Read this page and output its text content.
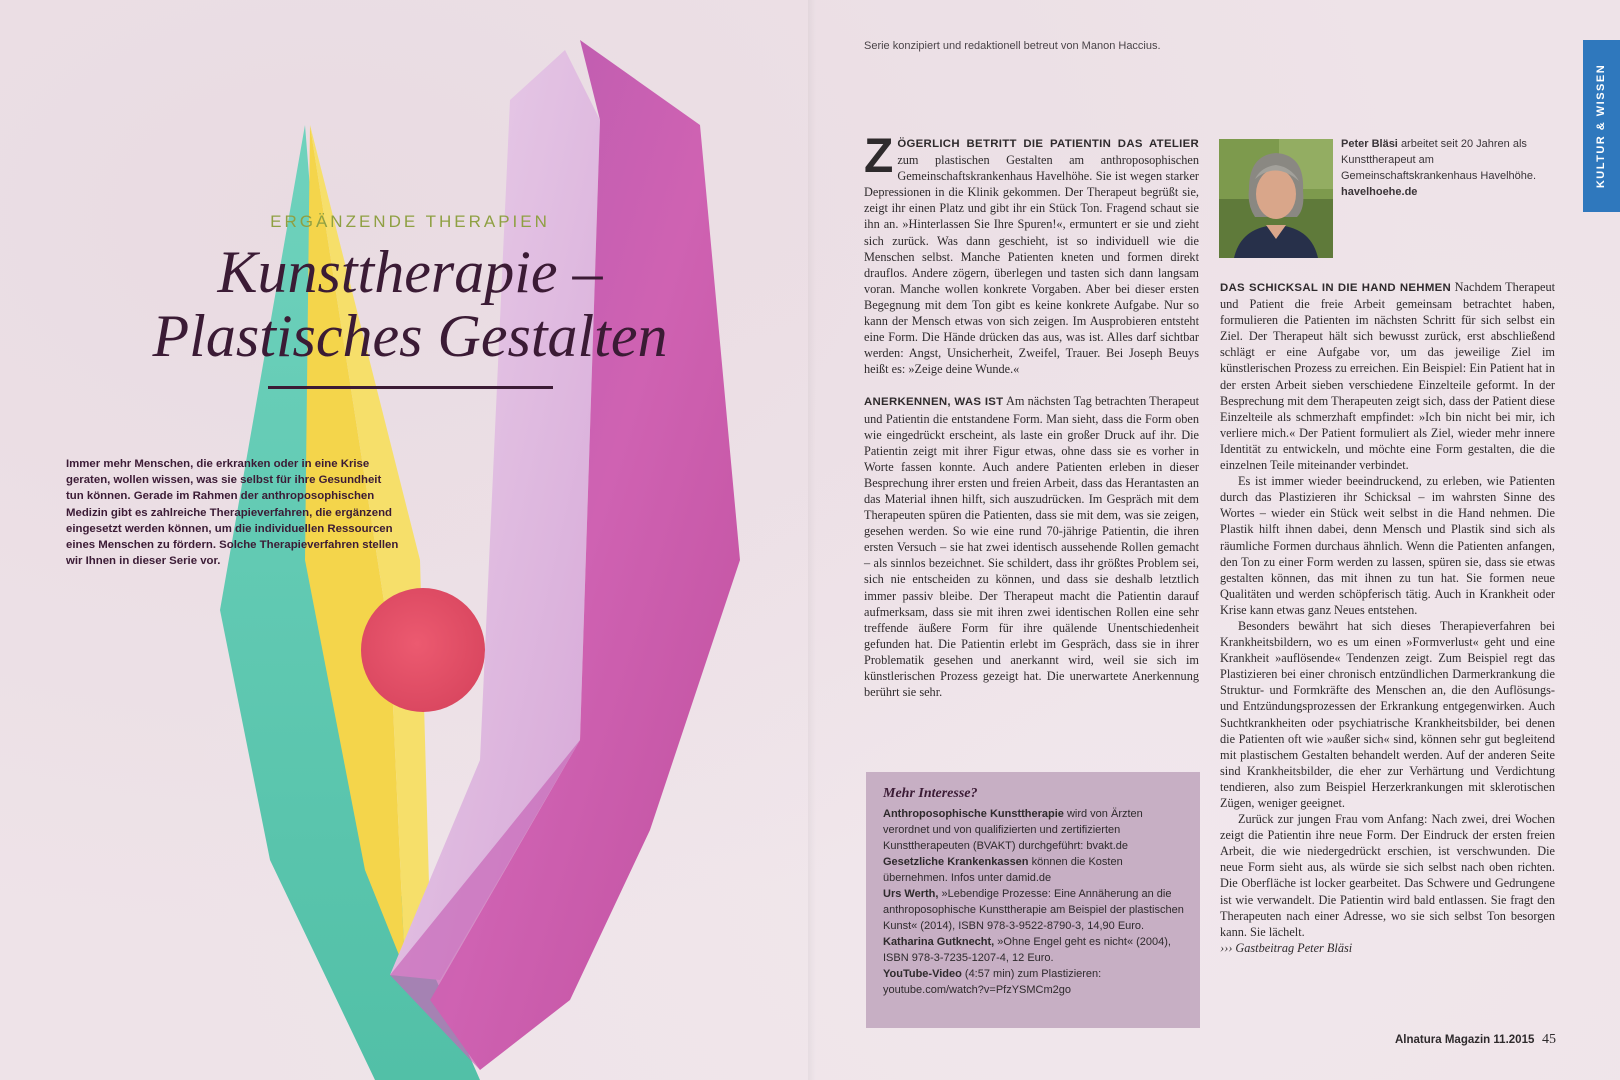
ERGÄNZENDE THERAPIEN
Kunsttherapie –
Plastisches Gestalten
Immer mehr Menschen, die erkranken oder in eine Krise geraten, wollen wissen, was sie selbst für ihre Gesundheit tun können. Gerade im Rahmen der anthroposophischen Medizin gibt es zahlreiche Therapieverfahren, die ergänzend eingesetzt werden können, um die individuellen Ressourcen eines Menschen zu fördern. Solche Therapieverfahren stellen wir Ihnen in dieser Serie vor.
Serie konzipiert und redaktionell betreut von Manon Haccius.
KULTUR & WISSEN

ZÖGERLICH BETRITT DIE PATIENTIN DAS ATELIER zum plastischen Gestalten am anthroposophischen Gemeinschaftskrankenhaus Havelhöhe. Sie ist wegen starker Depressionen in die Klinik gekommen. Der Therapeut begrüßt sie, zeigt ihr einen Platz und gibt ihr ein Stück Ton. Fragend schaut sie ihn an. »Hinterlassen Sie Ihre Spuren!«, ermuntert er sie und zieht sich zurück. Was dann geschieht, ist so individuell wie die Menschen selbst. Manche Patienten kneten und formen direkt drauflos. Andere zögern, überlegen und tasten sich dann langsam voran. Manche wollen konkrete Vorgaben. Aber bei dieser ersten Begegnung mit dem Ton gibt es keine konkrete Aufgabe. Nur so kann der Mensch etwas von sich zeigen. Im Ausprobieren entsteht eine Form. Die Hände drücken das aus, was ist. Alles darf sichtbar werden: Angst, Unsicherheit, Zweifel, Trauer. Bei Joseph Beuys heißt es: »Zeige deine Wunde.«

ANERKENNEN, WAS IST Am nächsten Tag betrachten Therapeut und Patientin die entstandene Form. Man sieht, dass die Form oben wie eingedrückt erscheint, als laste ein großer Druck auf ihr. Die Patientin zeigt mit ihrer Figur etwas, ohne dass sie es vorher in Worte fassen konnte. Auch andere Patienten erleben in dieser Besprechung ihrer ersten und freien Arbeit, dass das Herantasten an das Material ihnen hilft, sich auszudrücken. Im Gespräch mit dem Therapeuten spüren die Patienten, dass sie mit dem, was sie zeigen, gesehen werden. So wie eine rund 70-jährige Patientin, die ihren ersten Versuch – sie hat zwei identisch aussehende Rollen gemacht – als sinnlos bezeichnet. Sie schildert, dass ihr größtes Problem sei, sich nie entscheiden zu können, und dass sie deshalb letztlich immer passiv bleibe. Der Therapeut macht die Patientin darauf aufmerksam, dass sie mit ihren zwei identischen Rollen eine sehr treffende äußere Form für ihre quälende Unentschiedenheit gefunden hat. Die Patientin erlebt im Gespräch, dass sie in ihrer Problematik gesehen und anerkannt wird, weil sie sich im künstlerischen Prozess gezeigt hat. Die unerwartete Anerkennung berührt sie sehr.

Peter Bläsi arbeitet seit 20 Jahren als Kunsttherapeut am Gemeinschaftskrankenhaus Havelhöhe. havelhoehe.de

DAS SCHICKSAL IN DIE HAND NEHMEN Nachdem Therapeut und Patient die freie Arbeit gemeinsam betrachtet haben, formulieren die Patienten im nächsten Schritt für sich selbst ein Ziel. Der Therapeut hält sich bewusst zurück, erst abschließend schlägt er eine Aufgabe vor, um das jeweilige Ziel im künstlerischen Prozess zu erreichen. Ein Beispiel: Ein Patient hat in der ersten Arbeit sieben verschiedene Einzelteile geformt. In der Besprechung mit dem Therapeuten zeigt sich, dass der Patient diese Einzelteile als schmerzhaft empfindet: »Ich bin nicht bei mir, ich verliere mich.« Der Patient formuliert als Ziel, wieder mehr innere Identität zu entwickeln, und möchte eine Form gestalten, die die einzelnen Teile miteinander verbindet.

Es ist immer wieder beeindruckend, zu erleben, wie Patienten durch das Plastizieren ihr Schicksal – im wahrsten Sinne des Wortes – wieder ein Stück weit selbst in die Hand nehmen. Die Plastik hilft ihnen dabei, denn Mensch und Plastik sind sich als räumliche Formen durchaus ähnlich. Wenn die Patienten anfangen, den Ton zu einer Form werden zu lassen, spüren sie, dass sie etwas gestalten können, das mit ihnen zu tun hat. Sie formen neue Qualitäten und werden schöpferisch tätig. Auch in Krankheit oder Krise kann etwas ganz Neues entstehen.

Besonders bewährt hat sich dieses Therapieverfahren bei Krankheitsbildern, wo es um einen »Formverlust« geht und eine Krankheit »auflösende« Tendenzen zeigt. Zum Beispiel regt das Plastizieren bei einer chronisch entzündlichen Darmerkrankung die Struktur- und Formkräfte des Menschen an, die den Auflösungs- und Entzündungsprozessen der Erkrankung entgegenwirken. Auch Suchtkrankheiten oder psychiatrische Krankheitsbilder, bei denen die Patienten oft wie »außer sich« sind, können sehr gut begleitend mit plastischem Gestalten behandelt werden. Auf der anderen Seite sind Krankheitsbilder, die eher zur Verhärtung und Verdichtung tendieren, also zum Beispiel Herzerkrankungen mit sklerotischen Zügen, weniger geeignet.

Zurück zur jungen Frau vom Anfang: Nach zwei, drei Wochen zeigt die Patientin ihre neue Form. Der Eindruck der ersten freien Arbeit, die wie niedergedrückt erschien, ist verschwunden. Die neue Form sieht aus, als würde sie sich selbst nach oben richten. Die Oberfläche ist locker gearbeitet. Das Schwere und Gedrungene ist wie verwandelt. Die Patientin wird bald entlassen. Sie fragt den Therapeuten nach einer Adresse, wo sie sich selbst Ton besorgen kann. Sie lächelt.

››› Gastbeitrag Peter Bläsi

Mehr Interesse?

Anthroposophische Kunsttherapie wird von Ärzten verordnet und von qualifizierten und zertifizierten Kunsttherapeuten (BVAKT) durchgeführt: bvakt.de

Gesetzliche Krankenkassen können die Kosten übernehmen. Infos unter damid.de

Urs Werth, »Lebendige Prozesse: Eine Annäherung an die anthroposophische Kunsttherapie am Beispiel der plastischen Kunst« (2014), ISBN 978-3-9522-8790-3, 14,90 Euro.

Katharina Gutknecht, »Ohne Engel geht es nicht« (2004), ISBN 978-3-7235-1207-4, 12 Euro.

YouTube-Video (4:57 min) zum Plastizieren: youtube.com/watch?v=PfzYSMCm2go

Alnatura Magazin 11.2015 45
